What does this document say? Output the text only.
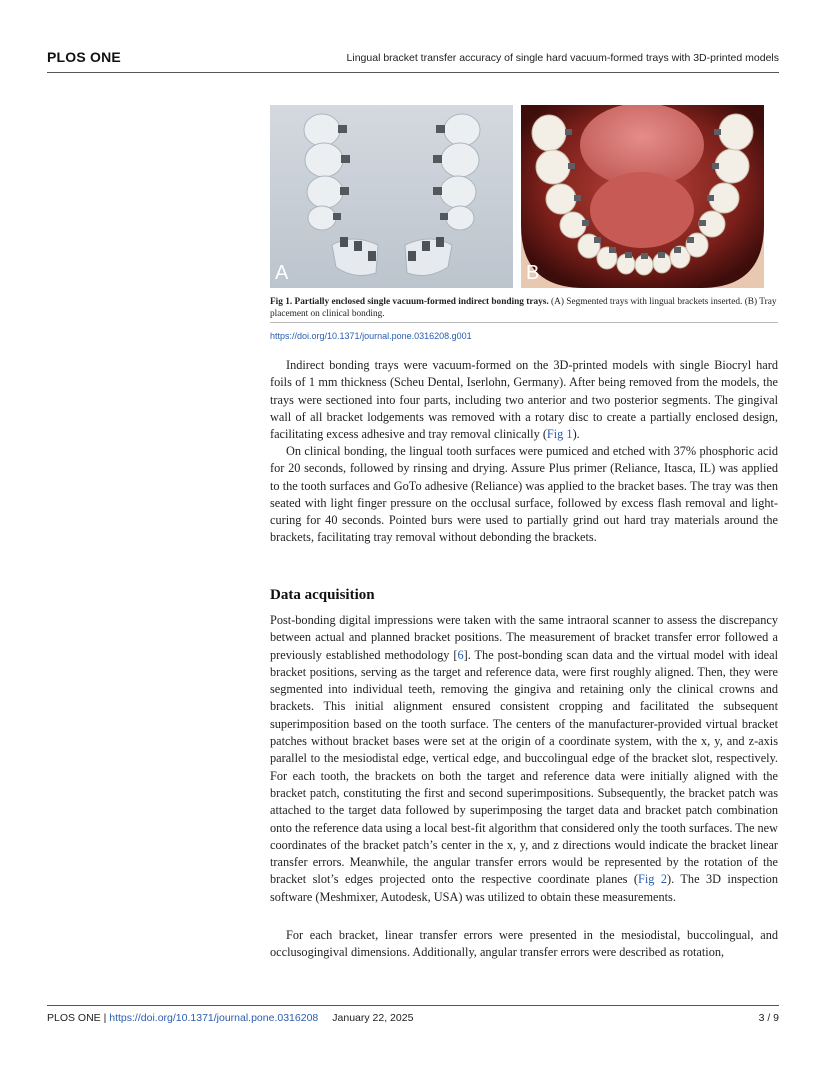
PLOS ONE	Lingual bracket transfer accuracy of single hard vacuum-formed trays with 3D-printed models
A	B
Fig 1. Partially enclosed single vacuum-formed indirect bonding trays. (A) Segmented trays with lingual brackets inserted. (B) Tray placement on clinical bonding.
https://doi.org/10.1371/journal.pone.0316208.g001

Indirect bonding trays were vacuum-formed on the 3D-printed models with single Biocryl hard foils of 1 mm thickness (Scheu Dental, Iserlohn, Germany). After being removed from the models, the trays were sectioned into four parts, including two anterior and two posterior segments. The gingival wall of all bracket lodgements was removed with a rotary disc to create a partially enclosed design, facilitating excess adhesive and tray removal clinically (Fig 1).

On clinical bonding, the lingual tooth surfaces were pumiced and etched with 37% phosphoric acid for 20 seconds, followed by rinsing and drying. Assure Plus primer (Reliance, Itasca, IL) was applied to the tooth surfaces and GoTo adhesive (Reliance) was applied to the bracket bases. The tray was then seated with light finger pressure on the occlusal surface, followed by excess flash removal and light-curing for 40 seconds. Pointed burs were used to partially grind out hard tray materials around the brackets, facilitating tray removal without debonding the brackets.

Data acquisition

Post-bonding digital impressions were taken with the same intraoral scanner to assess the discrepancy between actual and planned bracket positions. The measurement of bracket transfer error followed a previously established methodology [6]. The post-bonding scan data and the virtual model with ideal bracket positions, serving as the target and reference data, were first roughly aligned. Then, they were segmented into individual teeth, removing the gingiva and retaining only the clinical crowns and brackets. This initial alignment ensured consistent cropping and facilitated the subsequent superimposition based on the tooth surface. The centers of the manufacturer-provided virtual bracket patches without bracket bases were set at the origin of a coordinate system, with the x, y, and z-axis parallel to the mesiodistal edge, vertical edge, and buccolingual edge of the bracket slot, respectively. For each tooth, the brackets on both the target and reference data were initially aligned with the bracket patch, constituting the first and second superimpositions. Subsequently, the bracket patch was attached to the target data followed by superimposing the target data and bracket patch combination onto the reference data using a local best-fit algorithm that considered only the tooth surfaces. The new coordinates of the bracket patch’s center in the x, y, and z directions would indicate the bracket linear transfer errors. Meanwhile, the angular transfer errors would be represented by the rotation of the bracket slot’s edges projected onto the respective coordinate planes (Fig 2). The 3D inspection software (Meshmixer, Autodesk, USA) was utilized to obtain these measurements.

For each bracket, linear transfer errors were presented in the mesiodistal, buccolingual, and occlusogingival dimensions. Additionally, angular transfer errors were described as rotation,

PLOS ONE | https://doi.org/10.1371/journal.pone.0316208 January 22, 2025	3 / 9
